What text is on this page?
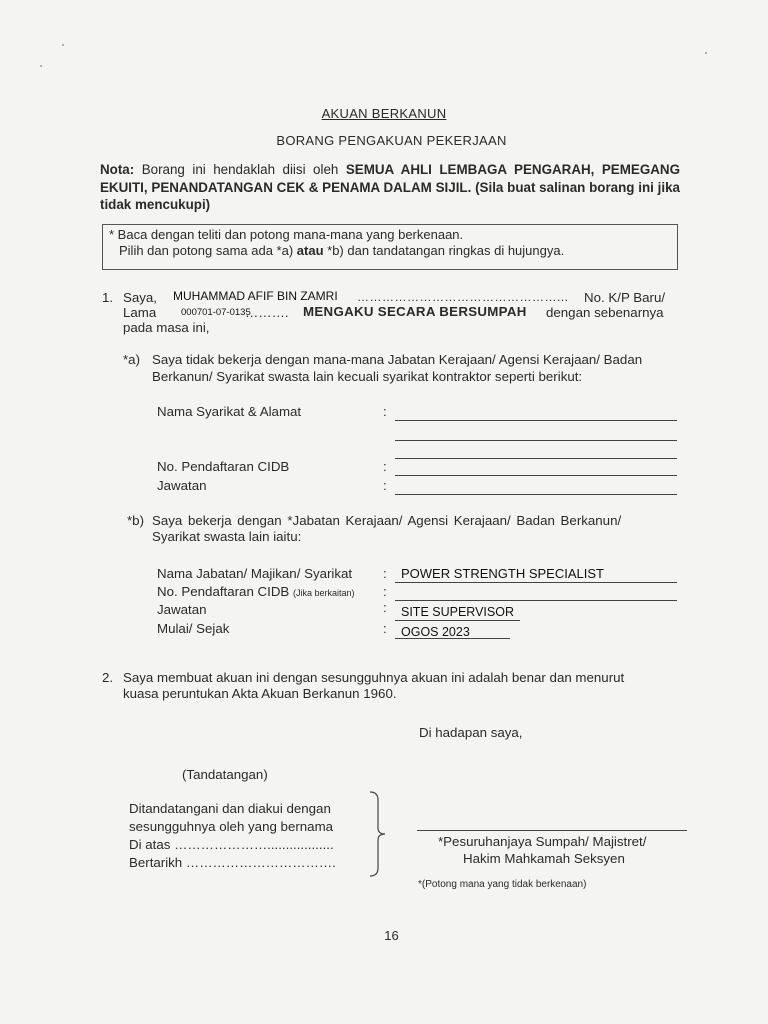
AKUAN BERKANUN
BORANG PENGAKUAN PEKERJAAN
Nota: Borang ini hendaklah diisi oleh SEMUA AHLI LEMBAGA PENGARAH, PEMEGANG EKUITI, PENANDATANGAN CEK & PENAMA DALAM SIJIL. (Sila buat salinan borang ini jika tidak mencukupi)
* Baca dengan teliti dan potong mana-mana yang berkenaan.
Pilih dan potong sama ada *a) atau *b) dan tandatangan ringkas di hujungya.
1. Saya, MUHAMMAD AFIF BIN ZAMRI …………………………………………... No. K/P Baru/
Lama	000701-07-0135
………. MENGAKU SECARA BERSUMPAH dengan sebenarnya
pada masa ini,
*a) Saya tidak bekerja dengan mana-mana Jabatan Kerajaan/ Agensi Kerajaan/ Badan
Berkanun/ Syarikat swasta lain kecuali syarikat kontraktor seperti berikut:
Nama Syarikat & Alamat	:
No. Pendaftaran CIDB	:
Jawatan	:
*b) Saya bekerja dengan *Jabatan Kerajaan/ Agensi Kerajaan/ Badan Berkanun/
Syarikat swasta lain iaitu:
Nama Jabatan/ Majikan/ Syarikat : POWER STRENGTH SPECIALIST
No. Pendaftaran CIDB (Jika berkaitan) :
Jawatan	: SITE SUPERVISOR
Mulai/ Sejak	: OGOS 2023
2. Saya membuat akuan ini dengan sesungguhnya akuan ini adalah benar dan menurut
kuasa peruntukan Akta Akuan Berkanun 1960.
Di hadapan saya,
(Tandatangan)
Ditandatangani dan diakui dengan
sesungguhnya oleh yang bernama
Di atas …………………..................
Bertarikh …………………………….
*Pesuruhanjaya Sumpah/ Majistret/
Hakim Mahkamah Seksyen
*(Potong mana yang tidak berkenaan)
16
